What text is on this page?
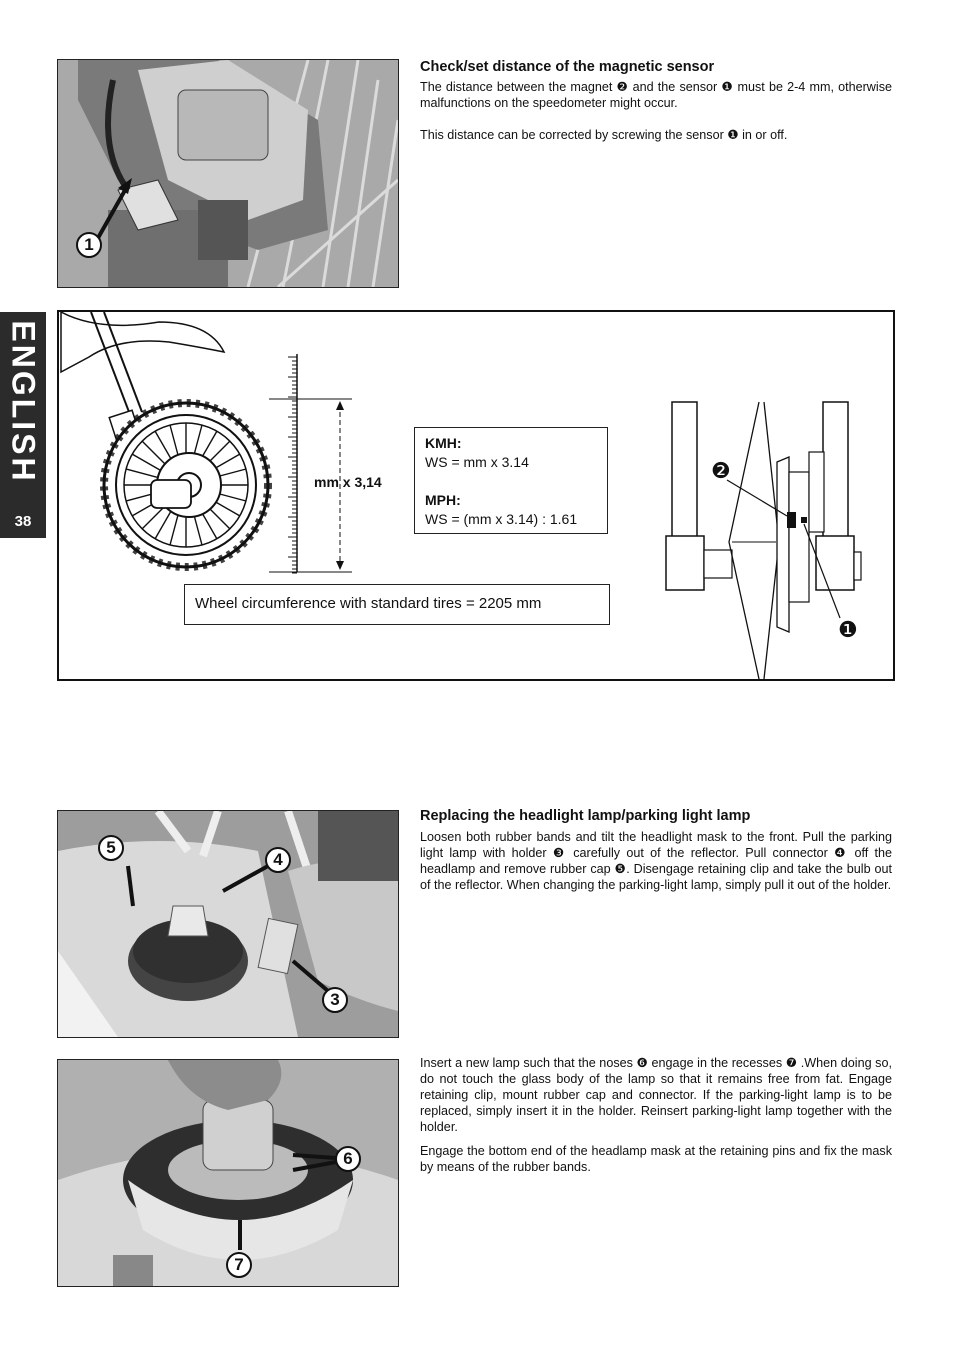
ENGLISH
38
1
Check/set distance of the magnetic sensor

The distance between the magnet ❷ and the sensor ❶ must be 2-4 mm, otherwise malfunctions on the speedometer might occur.

This distance can be corrected by screwing the sensor ❶ in or off.

mm x 3,14
KMH:
WS = mm x 3.14
MPH:
WS = (mm x 3.14) : 1.61
Wheel circumference with standard tires = 2205 mm
❷
❶
5
4
3
Replacing the headlight lamp/parking light lamp

Loosen both rubber bands and tilt the headlight mask to the front. Pull the parking light lamp with holder ❸ carefully out of the reflector. Pull connector ❹ off the headlamp and remove rubber cap ❺. Disengage retaining clip and take the bulb out of the reflector. When changing the parking-light lamp, simply pull it out of the holder.

6
7

Insert a new lamp such that the noses ❻ engage in the recesses ❼ .When doing so, do not touch the glass body of the lamp so that it remains free from fat. Engage retaining clip, mount rubber cap and connector. If the parking-light lamp is to be replaced, simply insert it in the holder. Reinsert parking-light lamp together with the holder.

Engage the bottom end of the headlamp mask at the retaining pins and fix the mask by means of the rubber bands.
